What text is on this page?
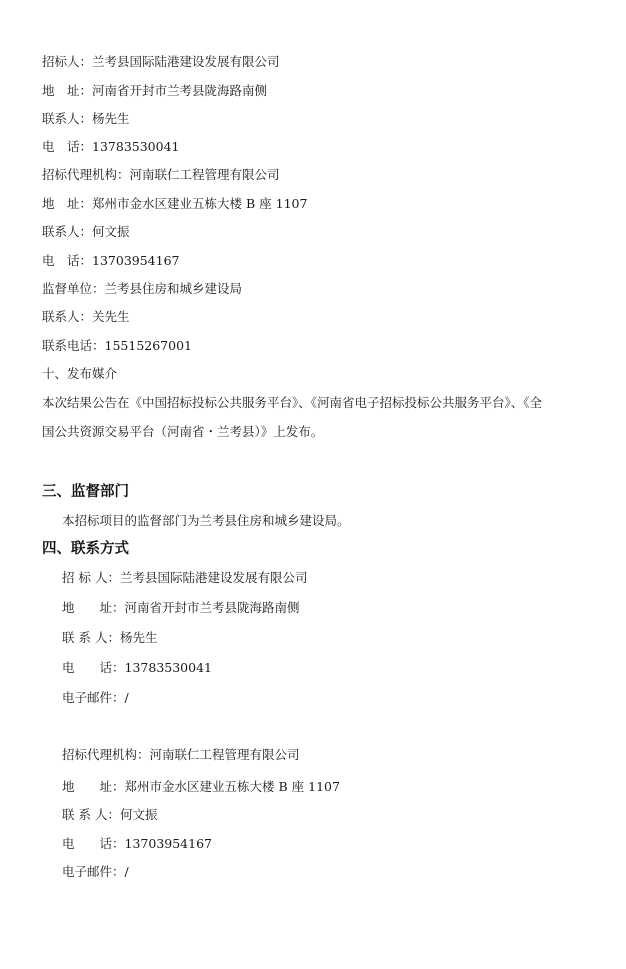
招标人：兰考县国际陆港建设发展有限公司
地　址：河南省开封市兰考县陇海路南侧
联系人：杨先生
电　话：13783530041
招标代理机构：河南联仁工程管理有限公司
地　址：郑州市金水区建业五栋大楼 B 座 1107
联系人：何文振
电　话：13703954167
监督单位：兰考县住房和城乡建设局
联系人：关先生
联系电话：15515267001
十、发布媒介
本次结果公告在《中国招标投标公共服务平台》、《河南省电子招标投标公共服务平台》、《全
国公共资源交易平台（河南省・兰考县）》上发布。
三、监督部门
本招标项目的监督部门为兰考县住房和城乡建设局。
四、联系方式
招 标 人：兰考县国际陆港建设发展有限公司
地　　址：河南省开封市兰考县陇海路南侧
联 系 人：杨先生
电　　话：13783530041
电子邮件：/
招标代理机构：河南联仁工程管理有限公司
地　　址：郑州市金水区建业五栋大楼 B 座 1107
联 系 人：何文振
电　　话：13703954167
电子邮件：/
